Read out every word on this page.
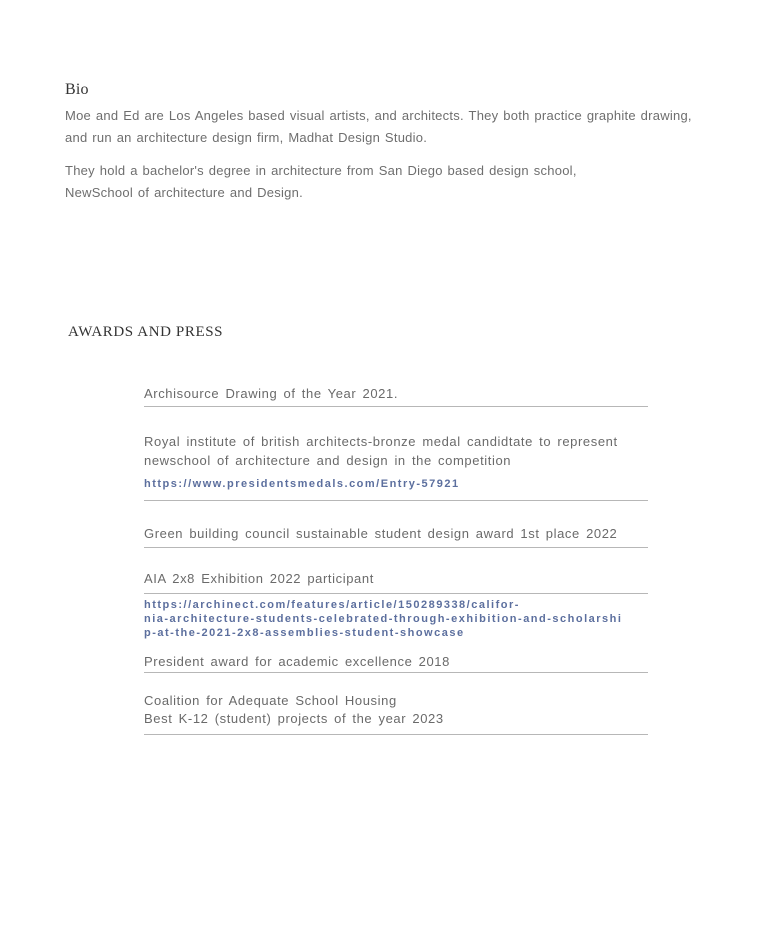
Bio

Moe and Ed are Los Angeles based visual artists, and architects. They both practice graphite drawing,
and run an architecture design firm, Madhat Design Studio.

They hold a bachelor's degree in architecture from San Diego based design school,
NewSchool of architecture and Design.

AWARDS AND PRESS

Archisource Drawing of the Year 2021.

Royal institute of british architects-bronze medal candidtate to represent
newschool of architecture and design in the competition

https://www.presidentsmedals.com/Entry-57921

Green building council sustainable student design award 1st place 2022

AIA 2x8 Exhibition 2022 participant

https://archinect.com/features/article/150289338/califor-
nia-architecture-students-celebrated-through-exhibition-and-scholarshi
p-at-the-2021-2x8-assemblies-student-showcase

President award for academic excellence 2018

Coalition for Adequate School Housing
Best K-12 (student) projects of the year 2023
